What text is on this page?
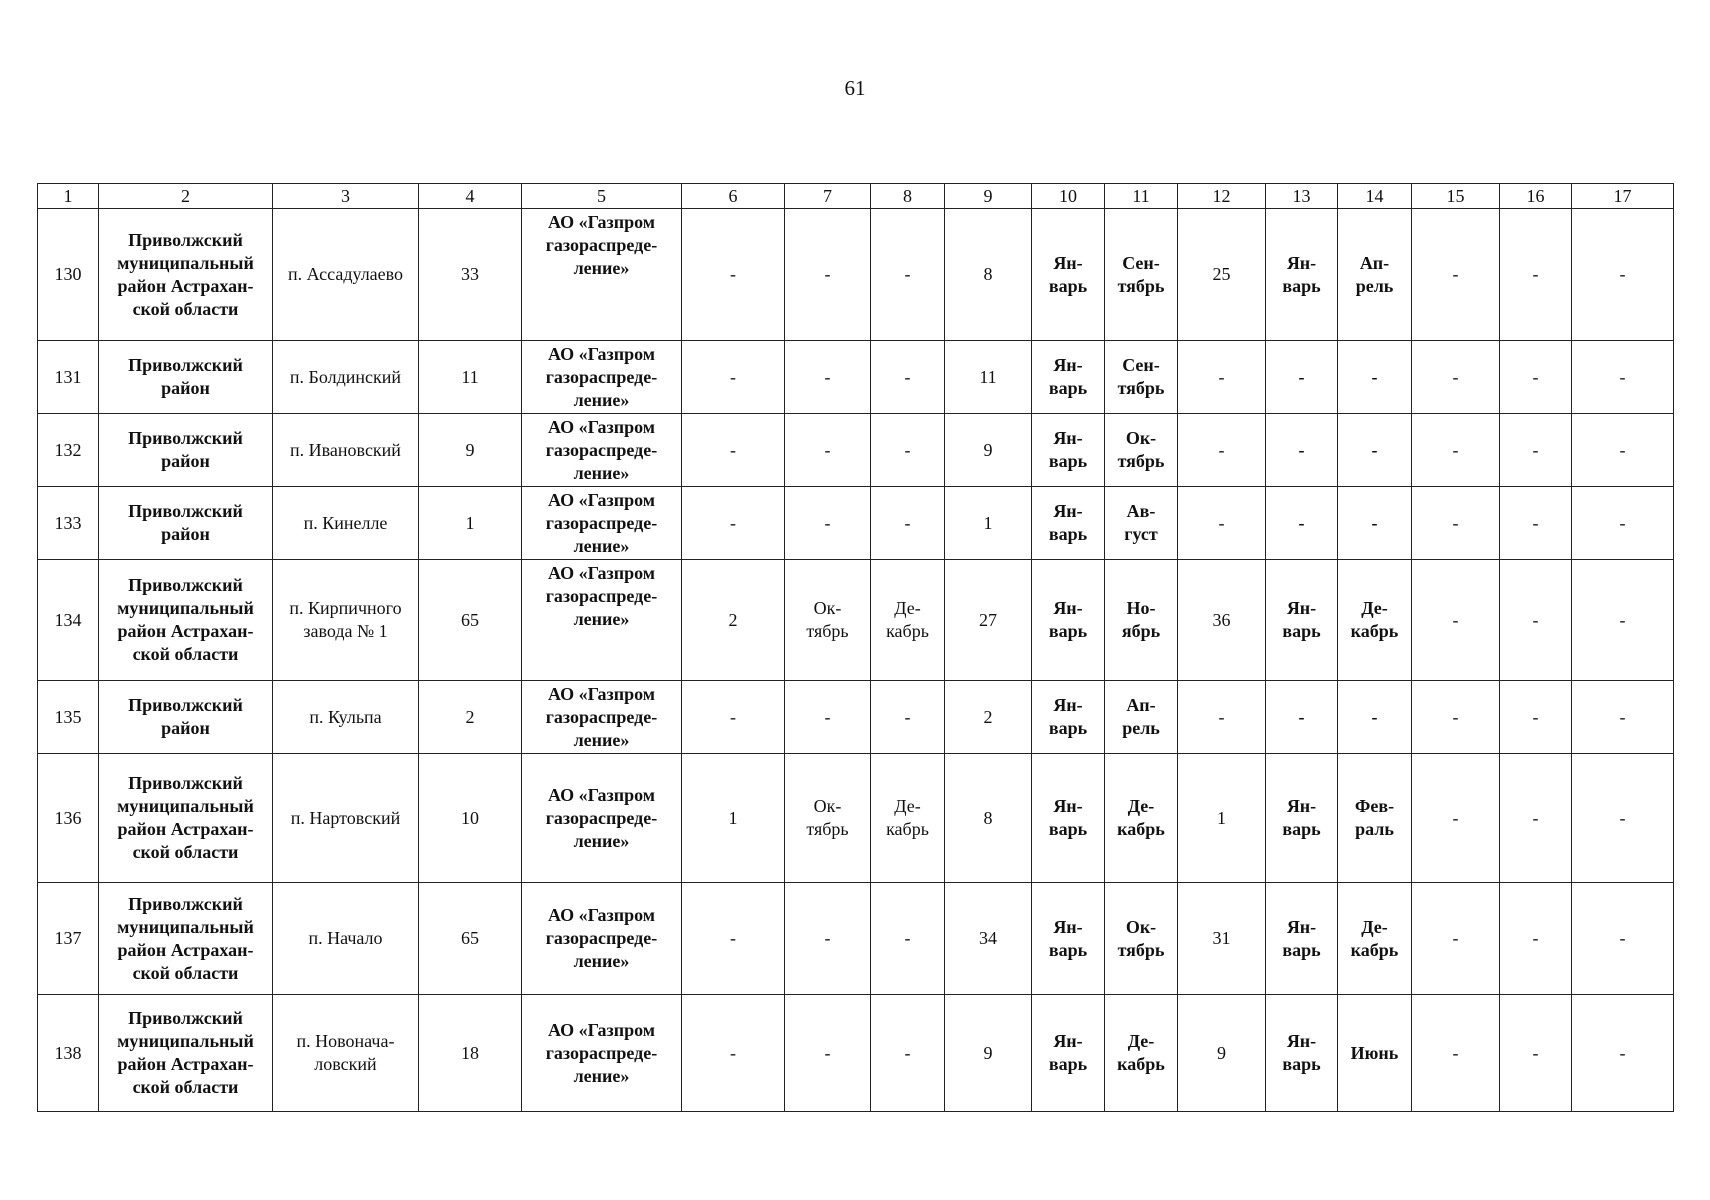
61
1	2	3	4	5	6	7	8	9	10	11	12	13	14	15	16	17

130	Приволжский
муниципальный
район Астрахан-
ской области	п. Ассадулаево	33	АО «Газпром
газораспреде-
ление»	-	-	-	8	Ян-
варь	Сен-
тябрь	25	Ян-
варь	Ап-
рель	-	-	-

131	Приволжский
район	п. Болдинский	11	АО «Газпром
газораспреде-
ление»	-	-	-	11	Ян-
варь	Сен-
тябрь	-	-	-	-	-	-

132	Приволжский
район	п. Ивановский	9	АО «Газпром
газораспреде-
ление»	-	-	-	9	Ян-
варь	Ок-
тябрь	-	-	-	-	-	-

133	Приволжский
район	п. Кинелле	1	АО «Газпром
газораспреде-
ление»	-	-	-	1	Ян-
варь	Ав-
густ	-	-	-	-	-	-

134	Приволжский
муниципальный
район Астрахан-
ской области	п. Кирпичного
завода № 1	65	АО «Газпром
газораспреде-
ление»	2	Ок-
тябрь	Де-
кабрь	27	Ян-
варь	Но-
ябрь	36	Ян-
варь	Де-
кабрь	-	-	-

135	Приволжский
район	п. Кульпа	2	АО «Газпром
газораспреде-
ление»	-	-	-	2	Ян-
варь	Ап-
рель	-	-	-	-	-	-

136	Приволжский
муниципальный
район Астрахан-
ской области	п. Нартовский	10	АО «Газпром
газораспреде-
ление»	1	Ок-
тябрь	Де-
кабрь	8	Ян-
варь	Де-
кабрь	1	Ян-
варь	Фев-
раль	-	-	-

137	Приволжский
муниципальный
район Астрахан-
ской области	п. Начало	65	АО «Газпром
газораспреде-
ление»	-	-	-	34	Ян-
варь	Ок-
тябрь	31	Ян-
варь	Де-
кабрь	-	-	-

138	Приволжский
муниципальный
район Астрахан-
ской области	п. Новонача-
ловский	18	АО «Газпром
газораспреде-
ление»	-	-	-	9	Ян-
варь	Де-
кабрь	9	Ян-
варь	Июнь	-	-	-
